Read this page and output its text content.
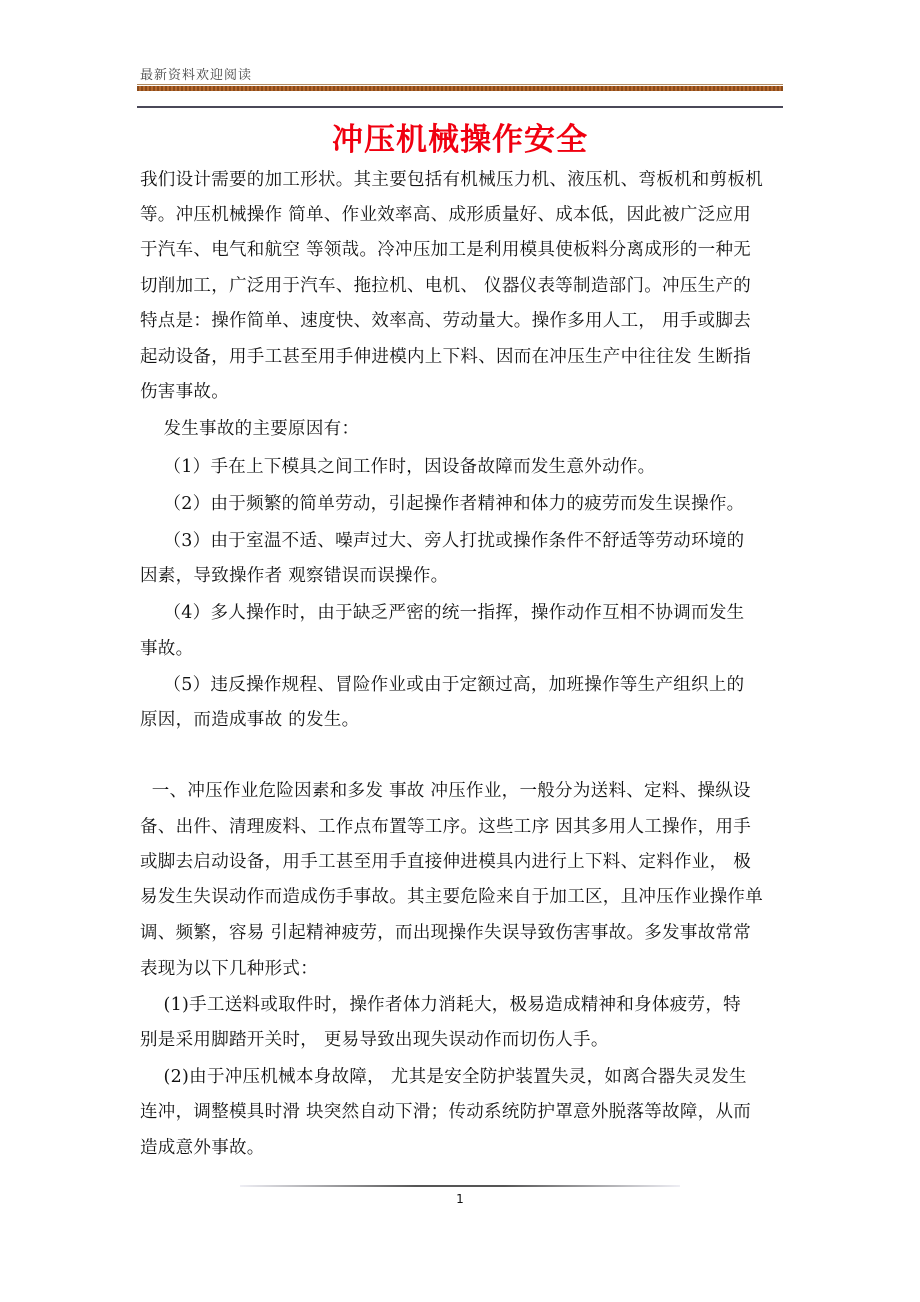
最新资料欢迎阅读
冲压机械操作安全
我们设计需要的加工形状。其主要包括有机械压力机、液压机、弯板机和剪板机
等。冲压机械操作 简单、作业效率高、成形质量好、成本低，因此被广泛应用
于汽车、电气和航空 等领哉。冷冲压加工是利用模具使板料分离成形的一种无
切削加工，广泛用于汽车、拖拉机、电机、 仪器仪表等制造部门。冲压生产的
特点是：操作简单、速度快、效率高、劳动量大。操作多用人工， 用手或脚去
起动设备，用手工甚至用手伸进模内上下料、因而在冲压生产中往往发 生断指
伤害事故。
发生事故的主要原因有：
（1）手在上下模具之间工作时，因设备故障而发生意外动作。
（2）由于频繁的简单劳动，引起操作者精神和体力的疲劳而发生误操作。
（3）由于室温不适、噪声过大、旁人打扰或操作条件不舒适等劳动环境的
因素，导致操作者 观察错误而误操作。
（4）多人操作时，由于缺乏严密的统一指挥，操作动作互相不协调而发生
事故。
（5）违反操作规程、冒险作业或由于定额过高，加班操作等生产组织上的
原因，而造成事故 的发生。
一、冲压作业危险因素和多发 事故 冲压作业，一般分为送料、定料、操纵设
备、出件、清理废料、工作点布置等工序。这些工序 因其多用人工操作，用手
或脚去启动设备，用手工甚至用手直接伸进模具内进行上下料、定料作业， 极
易发生失误动作而造成伤手事故。其主要危险来自于加工区，且冲压作业操作单
调、频繁，容易 引起精神疲劳，而出现操作失误导致伤害事故。多发事故常常
表现为以下几种形式：
(1)手工送料或取件时，操作者体力消耗大，极易造成精神和身体疲劳，特
别是采用脚踏开关时， 更易导致出现失误动作而切伤人手。
(2)由于冲压机械本身故障， 尤其是安全防护装置失灵，如离合器失灵发生
连冲，调整模具时滑 块突然自动下滑；传动系统防护罩意外脱落等故障，从而
造成意外事故。
1
